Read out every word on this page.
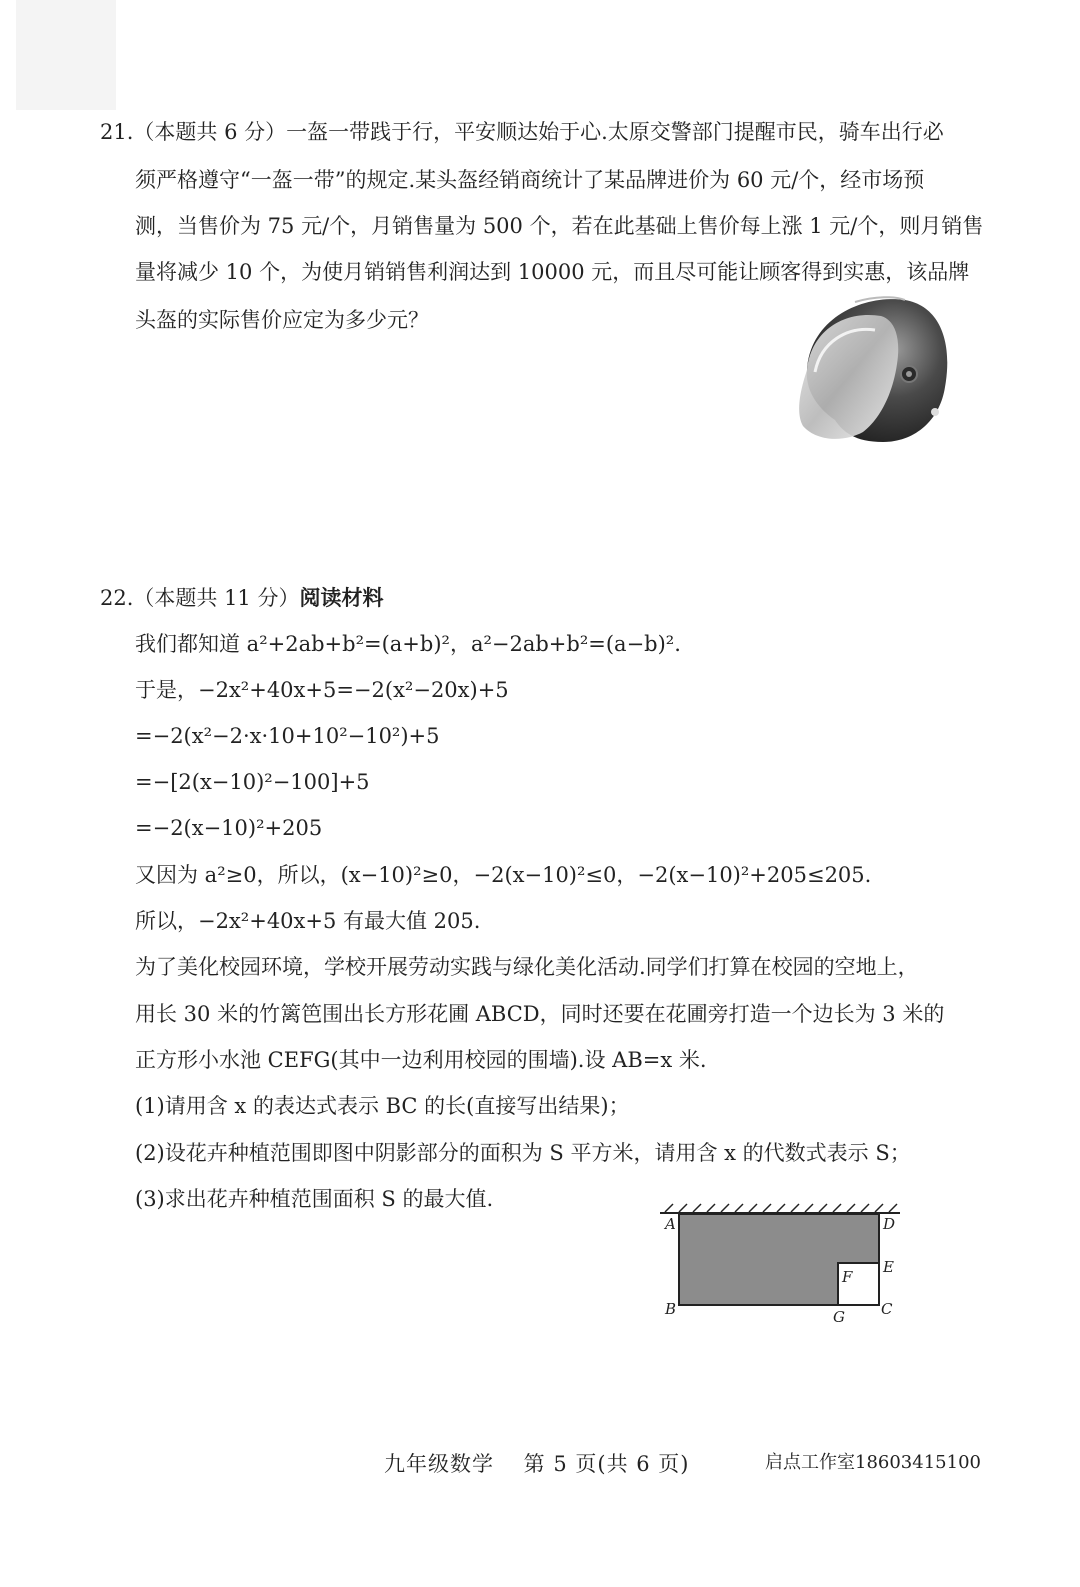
21.（本题共 6 分）一盔一带践于行，平安顺达始于心.太原交警部门提醒市民，骑车出行必
须严格遵守“一盔一带”的规定.某头盔经销商统计了某品牌进价为 60 元/个，经市场预
测，当售价为 75 元/个，月销售量为 500 个，若在此基础上售价每上涨 1 元/个，则月销售
量将减少 10 个，为使月销销售利润达到 10000 元，而且尽可能让顾客得到实惠，该品牌
头盔的实际售价应定为多少元？
22.（本题共 11 分）阅读材料
我们都知道 a²+2ab+b²=(a+b)²，a²−2ab+b²=(a−b)².
于是，−2x²+40x+5=−2(x²−20x)+5
=−2(x²−2·x·10+10²−10²)+5
=−[2(x−10)²−100]+5
=−2(x−10)²+205
又因为 a²≥0，所以，(x−10)²≥0，−2(x−10)²≤0，−2(x−10)²+205≤205.
所以，−2x²+40x+5 有最大值 205.
为了美化校园环境，学校开展劳动实践与绿化美化活动.同学们打算在校园的空地上，
用长 30 米的竹篱笆围出长方形花圃 ABCD，同时还要在花圃旁打造一个边长为 3 米的
正方形小水池 CEFG(其中一边利用校园的围墙).设 AB=x 米.
(1)请用含 x 的表达式表示 BC 的长(直接写出结果)；
(2)设花卉种植范围即图中阴影部分的面积为 S 平方米，请用含 x 的代数式表示 S；
(3)求出花卉种植范围面积 S 的最大值.
A	D
E
F
B	G C
九年级数学　 第 5 页(共 6 页)	启点工作室18603415100
